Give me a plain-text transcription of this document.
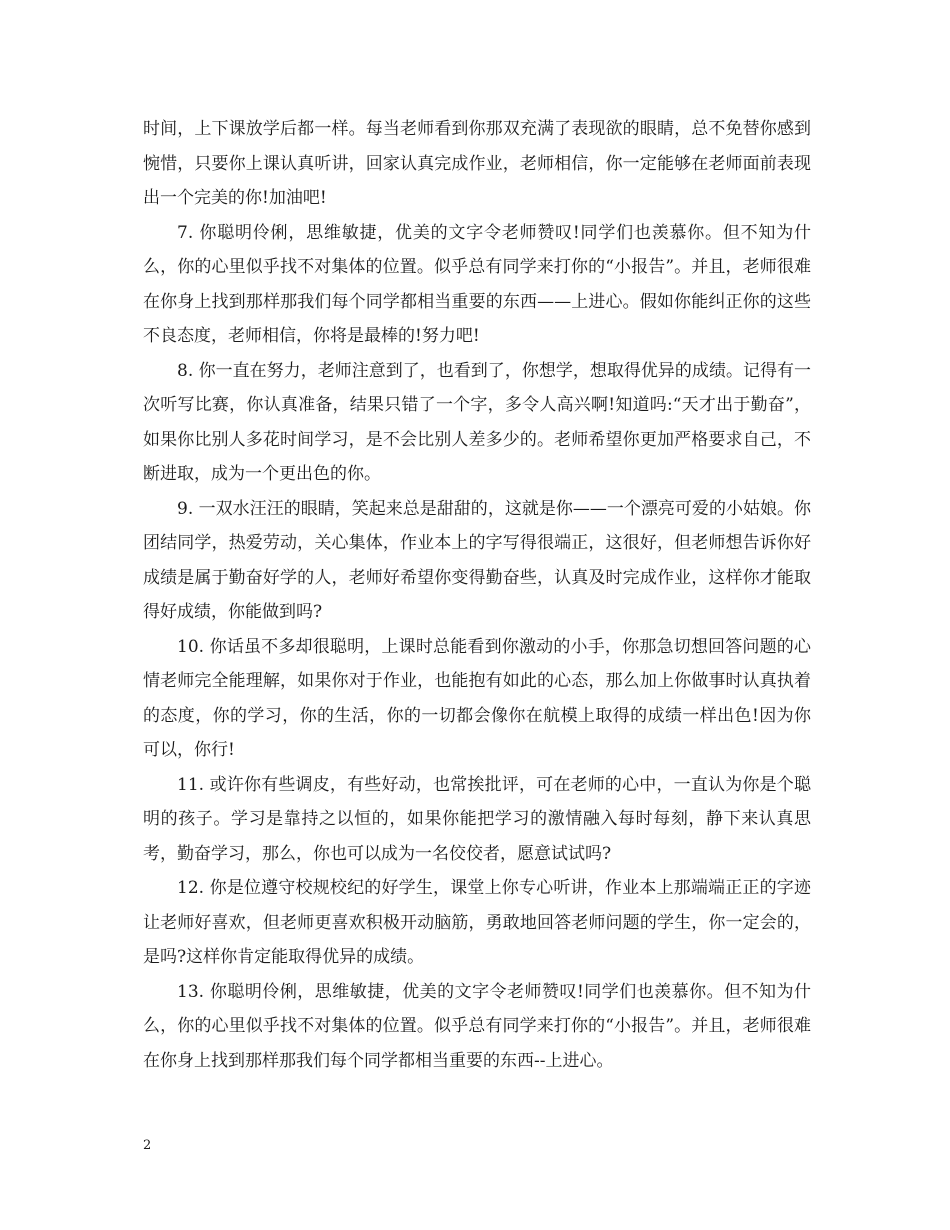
时间，上下课放学后都一样。每当老师看到你那双充满了表现欲的眼睛，总不免替你感到惋惜，只要你上课认真听讲，回家认真完成作业，老师相信，你一定能够在老师面前表现出一个完美的你!加油吧!

7. 你聪明伶俐，思维敏捷，优美的文字令老师赞叹!同学们也羡慕你。但不知为什么，你的心里似乎找不对集体的位置。似乎总有同学来打你的“小报告”。并且，老师很难在你身上找到那样那我们每个同学都相当重要的东西——上进心。假如你能纠正你的这些不良态度，老师相信，你将是最棒的!努力吧!

8. 你一直在努力，老师注意到了，也看到了，你想学，想取得优异的成绩。记得有一次听写比赛，你认真准备，结果只错了一个字，多令人高兴啊!知道吗:“天才出于勤奋”，如果你比别人多花时间学习，是不会比别人差多少的。老师希望你更加严格要求自己，不断进取，成为一个更出色的你。

9. 一双水汪汪的眼睛，笑起来总是甜甜的，这就是你——一个漂亮可爱的小姑娘。你团结同学，热爱劳动，关心集体，作业本上的字写得很端正，这很好，但老师想告诉你好成绩是属于勤奋好学的人，老师好希望你变得勤奋些，认真及时完成作业，这样你才能取得好成绩，你能做到吗?

10. 你话虽不多却很聪明，上课时总能看到你激动的小手，你那急切想回答问题的心情老师完全能理解，如果你对于作业，也能抱有如此的心态，那么加上你做事时认真执着的态度，你的学习，你的生活，你的一切都会像你在航模上取得的成绩一样出色!因为你可以，你行!

11. 或许你有些调皮，有些好动，也常挨批评，可在老师的心中，一直认为你是个聪明的孩子。学习是靠持之以恒的，如果你能把学习的激情融入每时每刻，静下来认真思考，勤奋学习，那么，你也可以成为一名佼佼者，愿意试试吗?

12. 你是位遵守校规校纪的好学生，课堂上你专心听讲，作业本上那端端正正的字迹让老师好喜欢，但老师更喜欢积极开动脑筋，勇敢地回答老师问题的学生，你一定会的，是吗?这样你肯定能取得优异的成绩。

13. 你聪明伶俐，思维敏捷，优美的文字令老师赞叹!同学们也羡慕你。但不知为什么，你的心里似乎找不对集体的位置。似乎总有同学来打你的“小报告”。并且，老师很难在你身上找到那样那我们每个同学都相当重要的东西--上进心。

2
